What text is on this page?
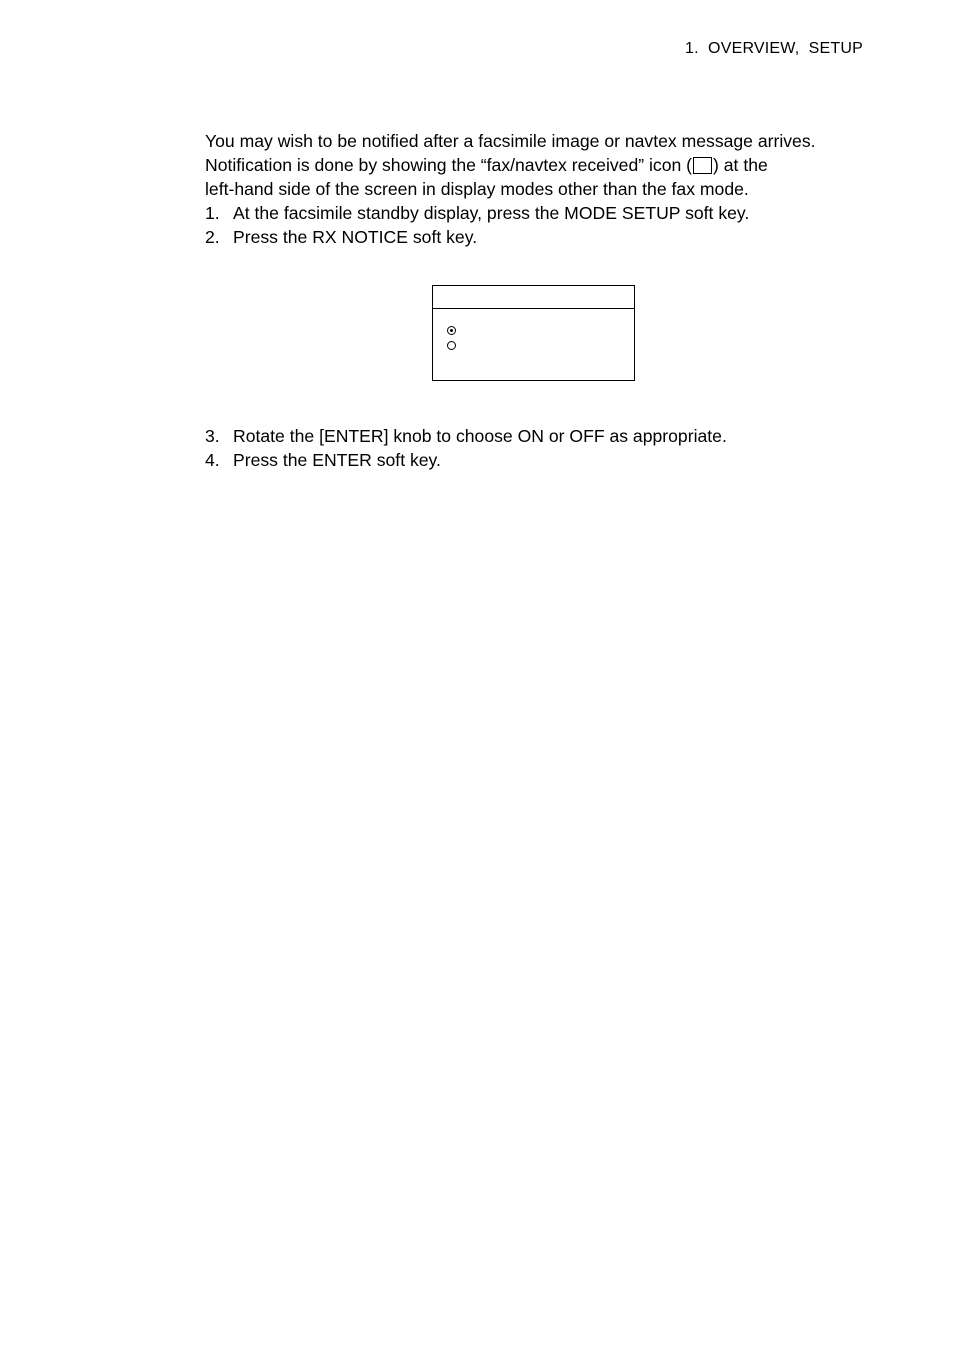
1.  OVERVIEW,  SETUP

You may wish to be notified after a facsimile image or navtex message arrives.
Notification is done by showing the “fax/navtex received” icon ( ) at the
left-hand side of the screen in display modes other than the fax mode.

1. At the facsimile standby display, press the MODE SETUP soft key.
2. Press the RX NOTICE soft key.
3. Rotate the [ENTER] knob to choose ON or OFF as appropriate.
4. Press the ENTER soft key.
